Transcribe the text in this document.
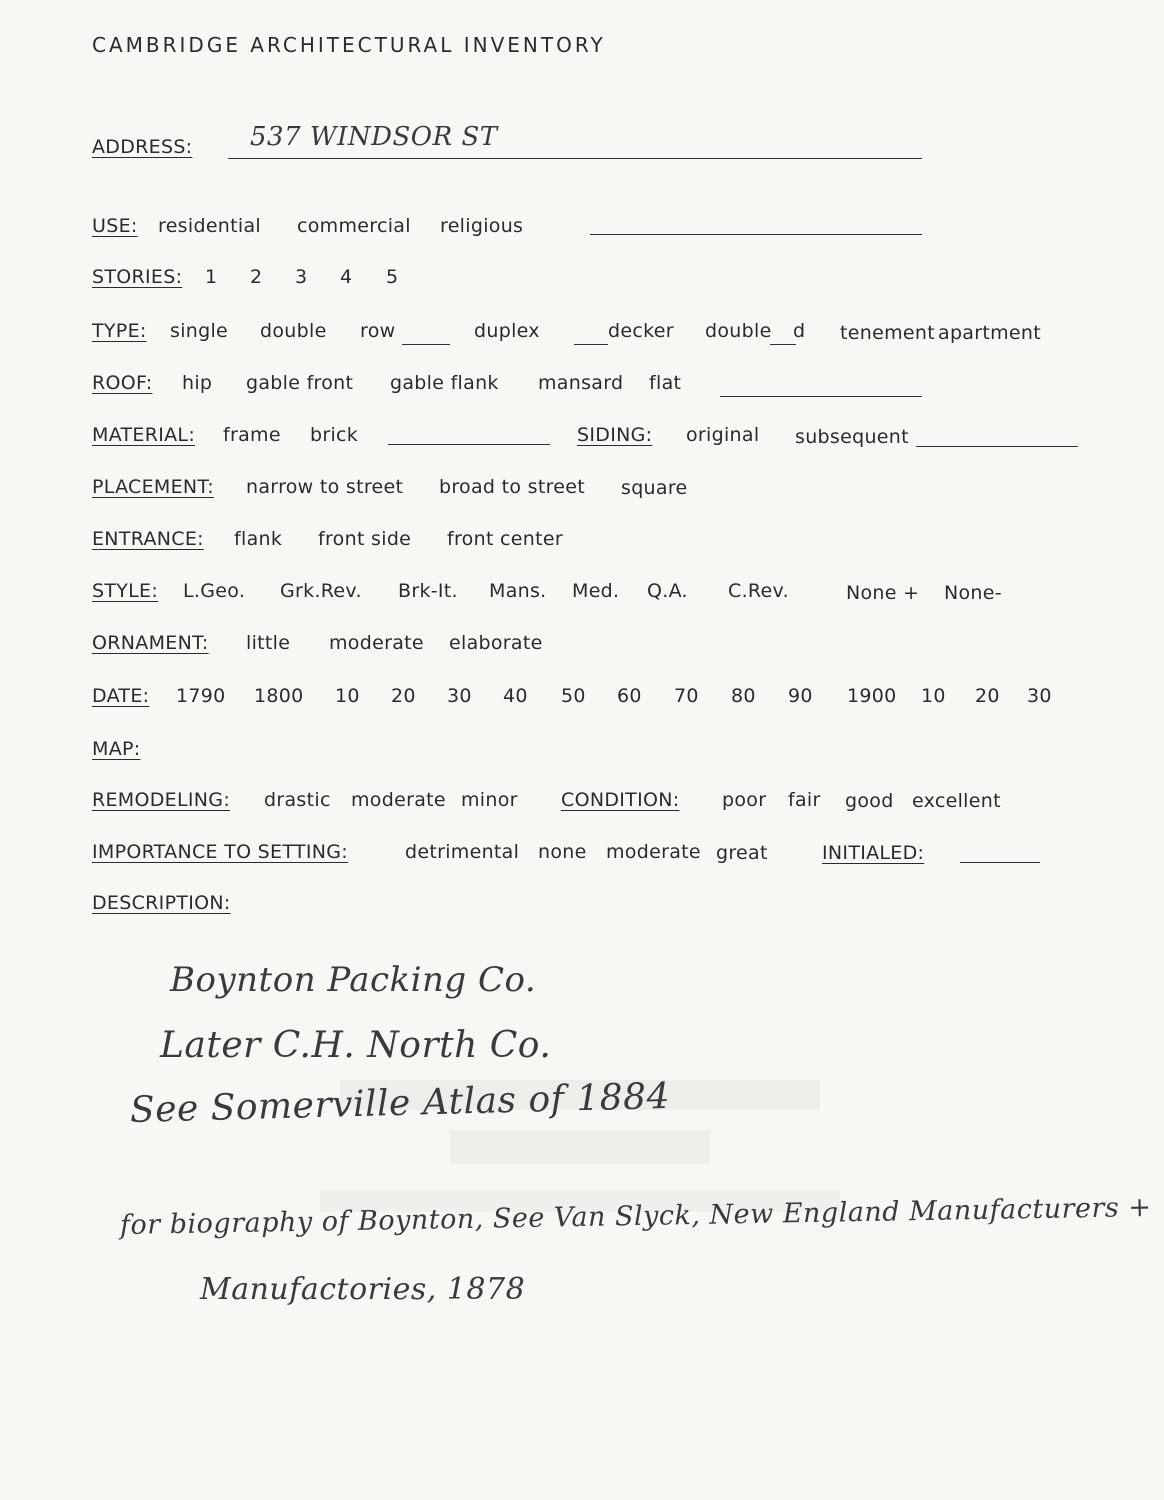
CAMBRIDGE ARCHITECTURAL INVENTORY
ADDRESS: 537 WINDSOR ST
USE: residential commercial religious
STORIES: 1 2 3 4 5
TYPE: single double row	duplex	decker double d tenement apartment
ROOF: hip gable front gable flank mansard flat
MATERIAL: frame brick	SIDING: original subsequent
PLACEMENT: narrow to street broad to street square
ENTRANCE: flank front side front center
STYLE: L.Geo. Grk.Rev. Brk-It. Mans. Med. Q.A. C.Rev.	None + None-
ORNAMENT: little moderate elaborate
DATE: 1790 1800 10 20 30 40 50 60 70 80 90 1900 10 20 30
MAP:
REMODELING: drastic moderate minor CONDITION: poor fair good excellent
IMPORTANCE TO SETTING:	detrimental none moderate great	INITIALED:
DESCRIPTION:
Boynton Packing Co.
Later C.H. North Co.
See Somerville Atlas of 1884
for biography of Boynton, See Van Slyck, New England Manufacturers +
Manufactories, 1878
